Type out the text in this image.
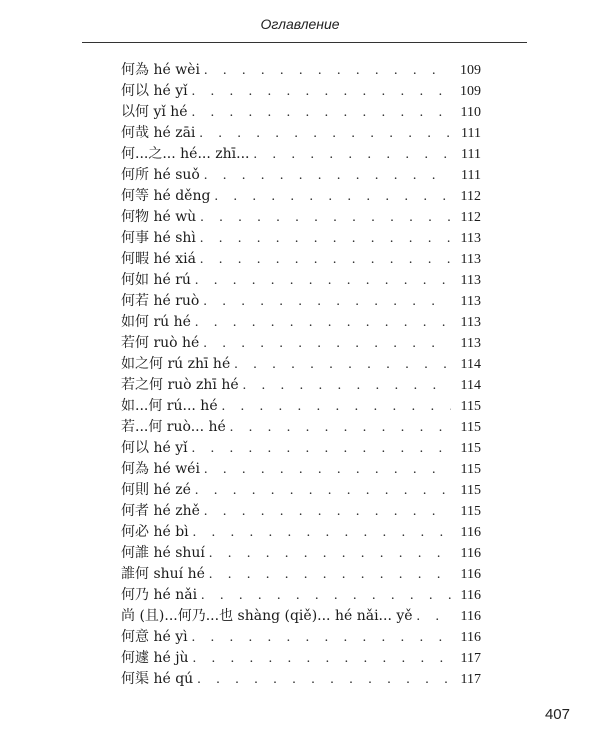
Оглавление
何為 hé wèi . . .	109
何以 hé yǐ . . .	109
以何 yǐ hé . . .	110
何哉 hé zāi . . .	111
何...之... hé... zhī... . . .	111
何所 hé suǒ . . .	111
何等 hé děng . . .	112
何物 hé wù . . .	112
何事 hé shì . . .	113
何暇 hé xiá . . .	113
何如 hé rú . . .	113
何若 hé ruò . . .	113
如何 rú hé . . .	113
若何 ruò hé . . .	113
如之何 rú zhī hé . . .	114
若之何 ruò zhī hé . . .	114
如...何 rú... hé . . .	115
若...何 ruò... hé . . .	115
何以 hé yǐ . . .	115
何為 hé wéi . . .	115
何則 hé zé . . .	115
何者 hé zhě . . .	115
何必 hé bì . . .	116
何誰 hé shuí . . .	116
誰何 shuí hé . . .	116
何乃 hé nǎi . . .	116
尚 (且)...何乃...也 shàng (qiě)... hé nǎi... yě . . .	116
何意 hé yì . . .	116
何遽 hé jù . . .	117
何渠 hé qú . . .	117
407
